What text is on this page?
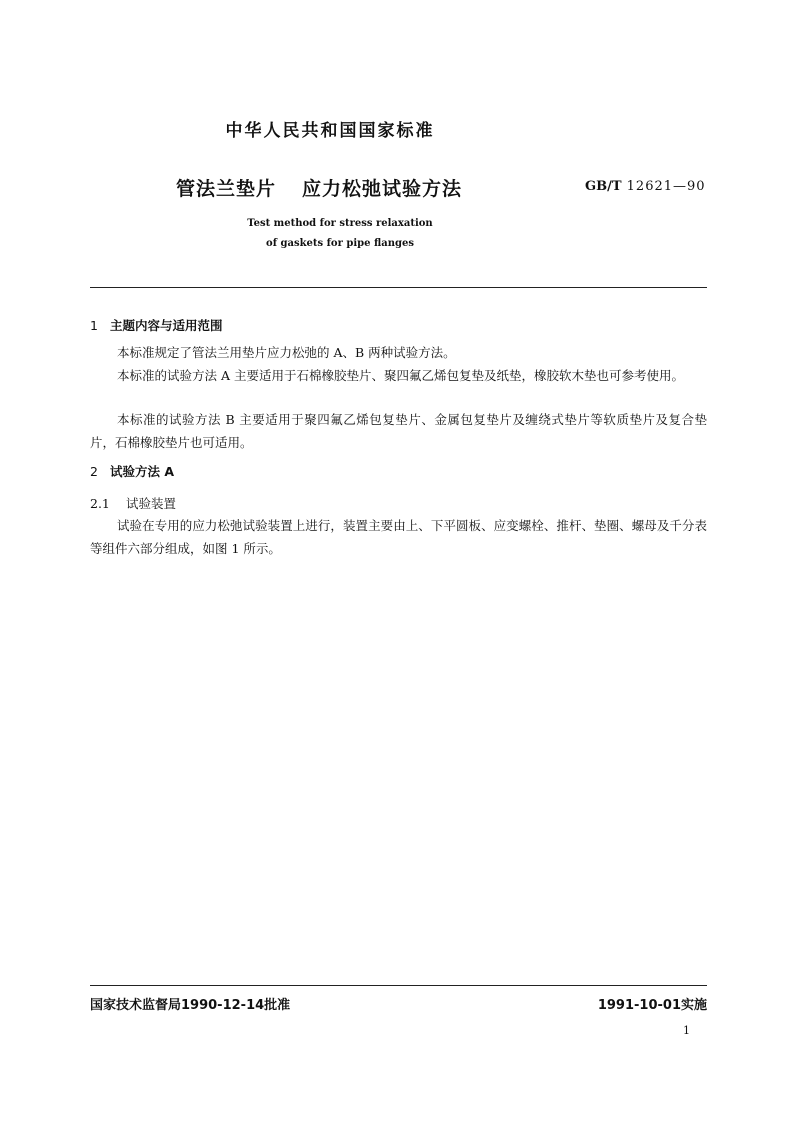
中华人民共和国国家标准
管法兰垫片 应力松弛试验方法	GB/T 12621—90
Test method for stress relaxation
of gaskets for pipe flanges
1 主题内容与适用范围

本标准规定了管法兰用垫片应力松弛的 A、B 两种试验方法。

本标准的试验方法 A 主要适用于石棉橡胶垫片、聚四氟乙烯包复垫及纸垫，橡胶软木垫也可参考使用。

本标准的试验方法 B 主要适用于聚四氟乙烯包复垫片、金属包复垫片及缠绕式垫片等软质垫片及复合垫片，石棉橡胶垫片也可适用。

2 试验方法 A
2.1 试验装置

试验在专用的应力松弛试验装置上进行，装置主要由上、下平圆板、应变螺栓、推杆、垫圈、螺母及千分表等组件六部分组成，如图 1 所示。

国家技术监督局1990-12-14批准	1991-10-01实施
1
